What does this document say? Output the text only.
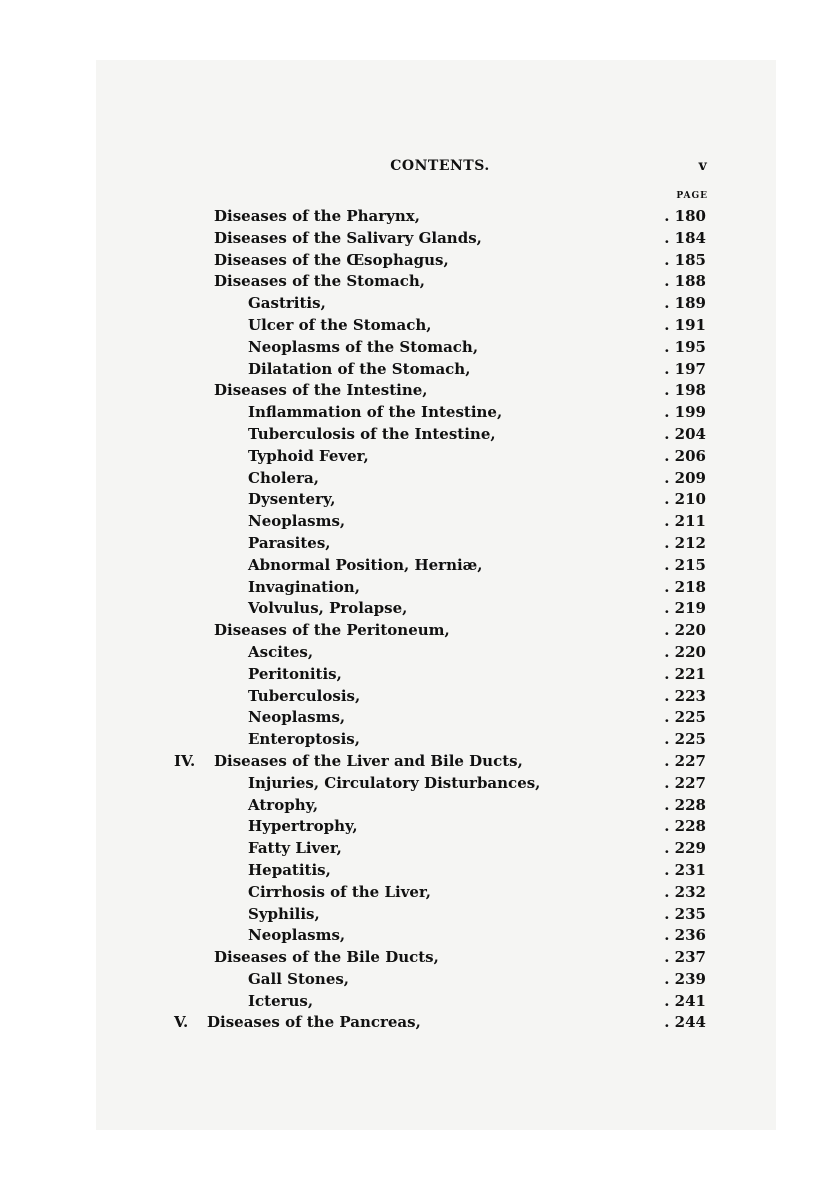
CONTENTS.	v
PAGE
Diseases of the Pharynx,	. 180
Diseases of the Salivary Glands,	. 184
Diseases of the Œsophagus,	. 185
Diseases of the Stomach,	. 188
Gastritis,	. 189
Ulcer of the Stomach,	. 191
Neoplasms of the Stomach,	. 195
Dilatation of the Stomach,	. 197
Diseases of the Intestine,	. 198
Inflammation of the Intestine,	. 199
Tuberculosis of the Intestine,	. 204
Typhoid Fever,	. 206
Cholera,	. 209
Dysentery,	. 210
Neoplasms,	. 211
Parasites,	. 212
Abnormal Position, Herniæ,	. 215
Invagination,	. 218
Volvulus, Prolapse,	. 219
Diseases of the Peritoneum,	. 220
Ascites,	. 220
Peritonitis,	. 221
Tuberculosis,	. 223
Neoplasms,	. 225
Enteroptosis,	. 225
IV.	Diseases of the Liver and Bile Ducts,	. 227
Injuries, Circulatory Disturbances,	. 227
Atrophy,	. 228
Hypertrophy,	. 228
Fatty Liver,	. 229
Hepatitis,	. 231
Cirrhosis of the Liver,	. 232
Syphilis,	. 235
Neoplasms,	. 236
Diseases of the Bile Ducts,	. 237
Gall Stones,	. 239
Icterus,	. 241
V.	Diseases of the Pancreas,	. 244
